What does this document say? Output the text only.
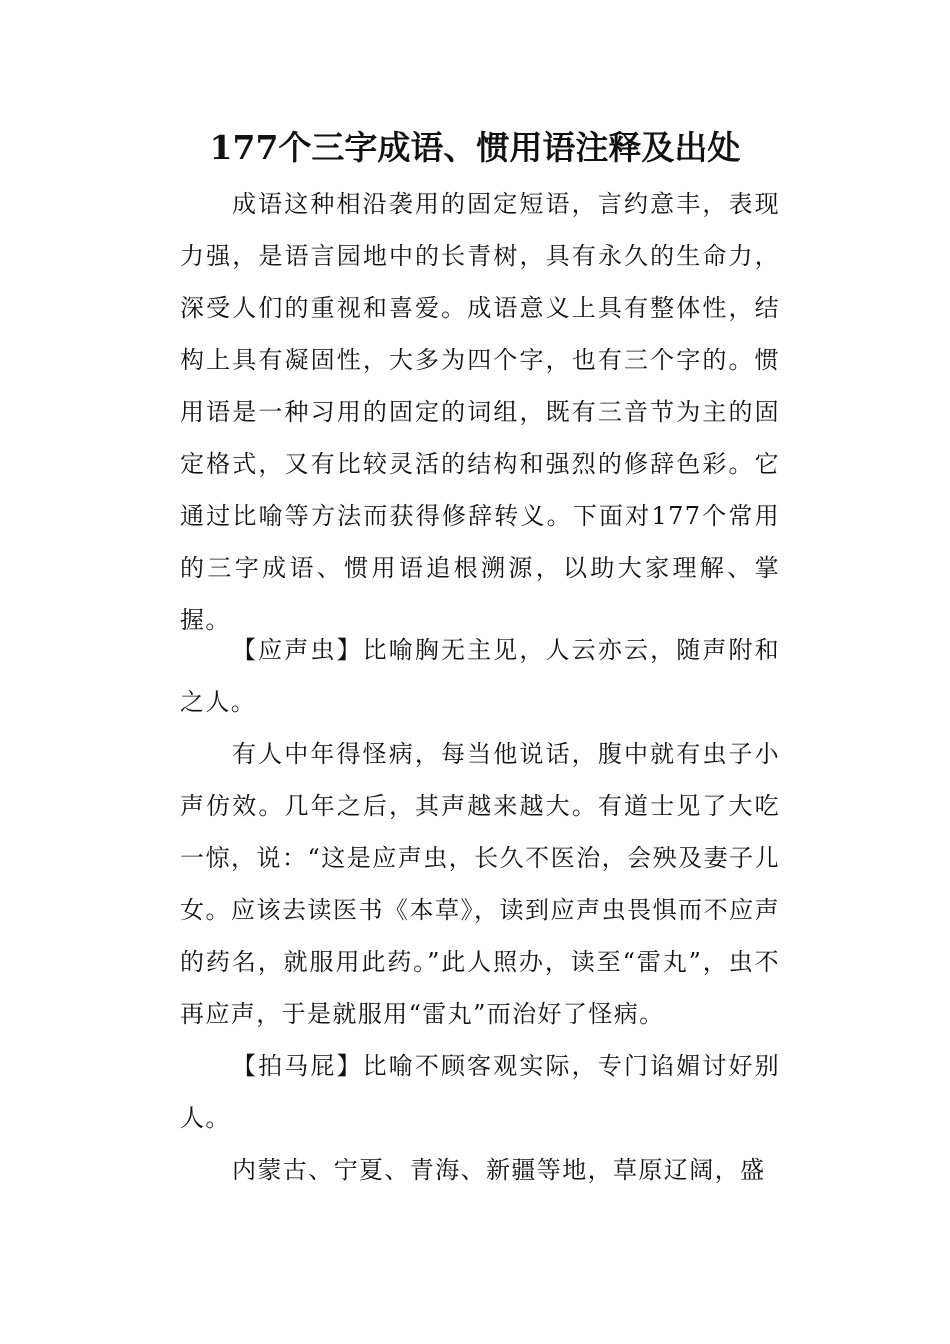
177个三字成语、惯用语注释及出处

成语这种相沿袭用的固定短语，言约意丰，表现力强，是语言园地中的长青树，具有永久的生命力，深受人们的重视和喜爱。成语意义上具有整体性，结构上具有凝固性，大多为四个字，也有三个字的。惯用语是一种习用的固定的词组，既有三音节为主的固定格式，又有比较灵活的结构和强烈的修辞色彩。它通过比喻等方法而获得修辞转义。下面对177个常用的三字成语、惯用语追根溯源，以助大家理解、掌握。

【应声虫】比喻胸无主见，人云亦云，随声附和之人。

有人中年得怪病，每当他说话，腹中就有虫子小声仿效。几年之后，其声越来越大。有道士见了大吃一惊，说：“这是应声虫，长久不医治，会殃及妻子儿女。应该去读医书《本草》，读到应声虫畏惧而不应声的药名，就服用此药。”此人照办，读至“雷丸”，虫不再应声，于是就服用“雷丸”而治好了怪病。

【拍马屁】比喻不顾客观实际，专门谄媚讨好别人。

内蒙古、宁夏、青海、新疆等地，草原辽阔，盛
